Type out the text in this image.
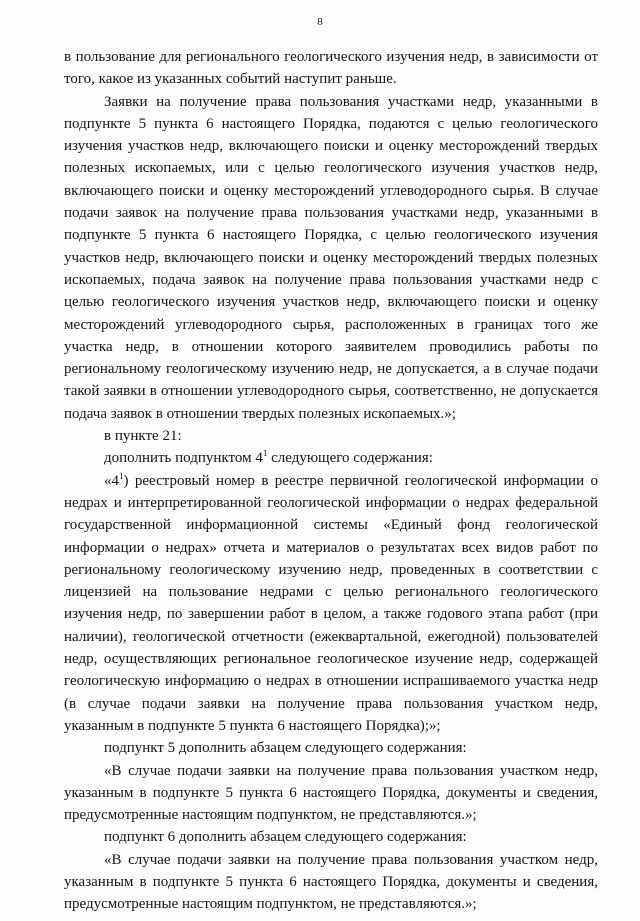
8

в пользование для регионального геологического изучения недр, в зависимости от того, какое из указанных событий наступит раньше.

Заявки на получение права пользования участками недр, указанными в подпункте 5 пункта 6 настоящего Порядка, подаются с целью геологического изучения участков недр, включающего поиски и оценку месторождений твердых полезных ископаемых, или с целью геологического изучения участков недр, включающего поиски и оценку месторождений углеводородного сырья. В случае подачи заявок на получение права пользования участками недр, указанными в подпункте 5 пункта 6 настоящего Порядка, с целью геологического изучения участков недр, включающего поиски и оценку месторождений твердых полезных ископаемых, подача заявок на получение права пользования участками недр с целью геологического изучения участков недр, включающего поиски и оценку месторождений углеводородного сырья, расположенных в границах того же участка недр, в отношении которого заявителем проводились работы по региональному геологическому изучению недр, не допускается, а в случае подачи такой заявки в отношении углеводородного сырья, соответственно, не допускается подача заявок в отношении твердых полезных ископаемых.»;

в пункте 21:

дополнить подпунктом $4^1$ следующего содержания:

«$4^1$) реестровый номер в реестре первичной геологической информации о недрах и интерпретированной геологической информации о недрах федеральной государственной информационной системы «Единый фонд геологической информации о недрах» отчета и материалов о результатах всех видов работ по региональному геологическому изучению недр, проведенных в соответствии с лицензией на пользование недрами с целью регионального геологического изучения недр, по завершении работ в целом, а также годового этапа работ (при наличии), геологической отчетности (ежеквартальной, ежегодной) пользователей недр, осуществляющих региональное геологическое изучение недр, содержащей геологическую информацию о недрах в отношении испрашиваемого участка недр (в случае подачи заявки на получение права пользования участком недр, указанным в подпункте 5 пункта 6 настоящего Порядка);»;

подпункт 5 дополнить абзацем следующего содержания:

«В случае подачи заявки на получение права пользования участком недр, указанным в подпункте 5 пункта 6 настоящего Порядка, документы и сведения, предусмотренные настоящим подпунктом, не представляются.»;

подпункт 6 дополнить абзацем следующего содержания:

«В случае подачи заявки на получение права пользования участком недр, указанным в подпункте 5 пункта 6 настоящего Порядка, документы и сведения, предусмотренные настоящим подпунктом, не представляются.»;
